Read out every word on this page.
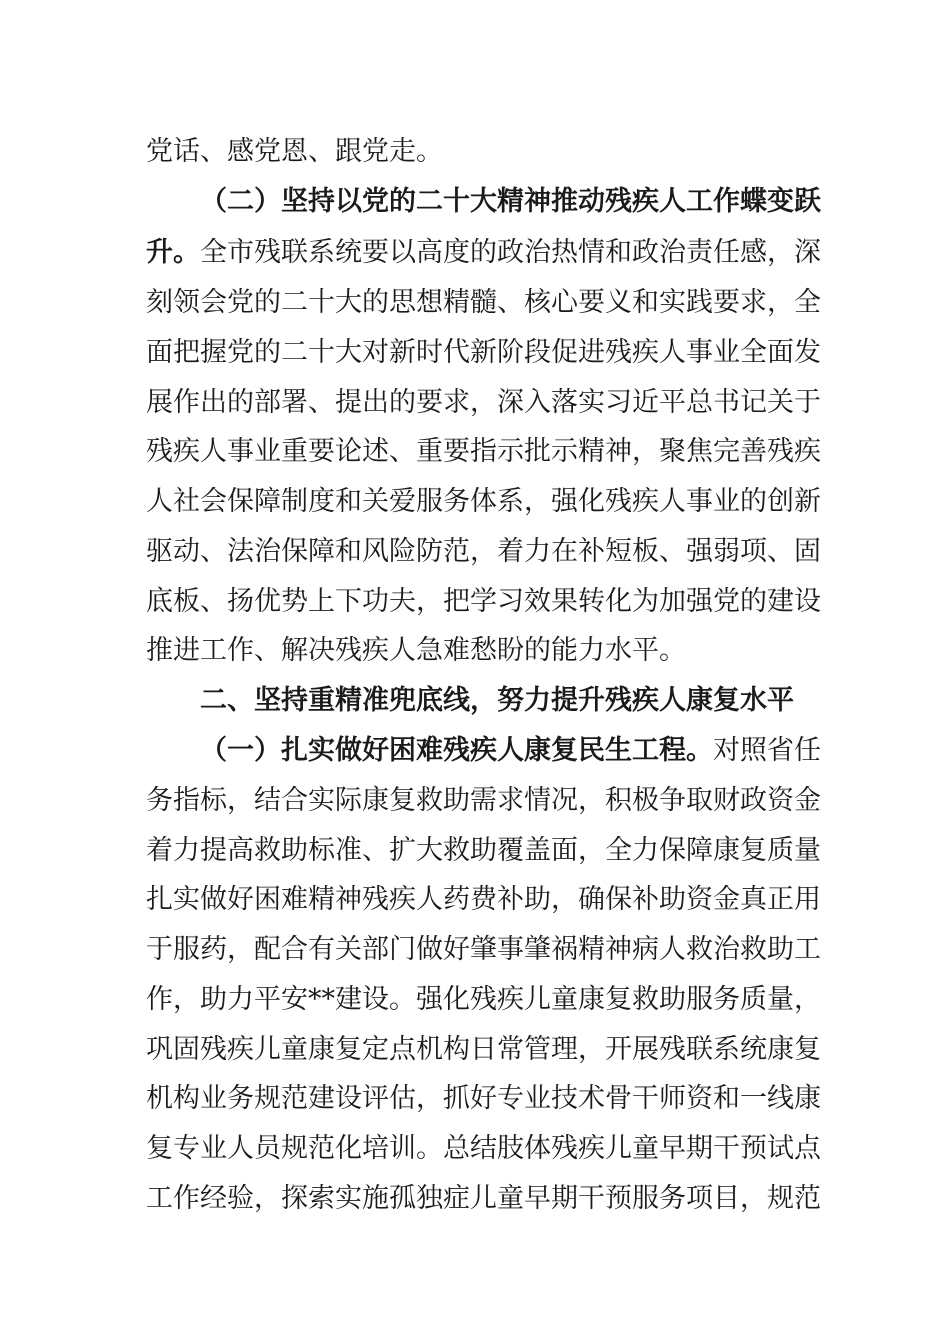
党话、感党恩、跟党走。
（二）坚持以党的二十大精神推动残疾人工作蝶变跃
升。全市残联系统要以高度的政治热情和政治责任感，深
刻领会党的二十大的思想精髓、核心要义和实践要求，全
面把握党的二十大对新时代新阶段促进残疾人事业全面发
展作出的部署、提出的要求，深入落实习近平总书记关于
残疾人事业重要论述、重要指示批示精神，聚焦完善残疾
人社会保障制度和关爱服务体系，强化残疾人事业的创新
驱动、法治保障和风险防范，着力在补短板、强弱项、固
底板、扬优势上下功夫，把学习效果转化为加强党的建设
推进工作、解决残疾人急难愁盼的能力水平。
二、坚持重精准兜底线，努力提升残疾人康复水平
（一）扎实做好困难残疾人康复民生工程。对照省任
务指标，结合实际康复救助需求情况，积极争取财政资金
着力提高救助标准、扩大救助覆盖面，全力保障康复质量
扎实做好困难精神残疾人药费补助，确保补助资金真正用
于服药，配合有关部门做好肇事肇祸精神病人救治救助工
作，助力平安**建设。强化残疾儿童康复救助服务质量，
巩固残疾儿童康复定点机构日常管理，开展残联系统康复
机构业务规范建设评估，抓好专业技术骨干师资和一线康
复专业人员规范化培训。总结肢体残疾儿童早期干预试点
工作经验，探索实施孤独症儿童早期干预服务项目，规范
